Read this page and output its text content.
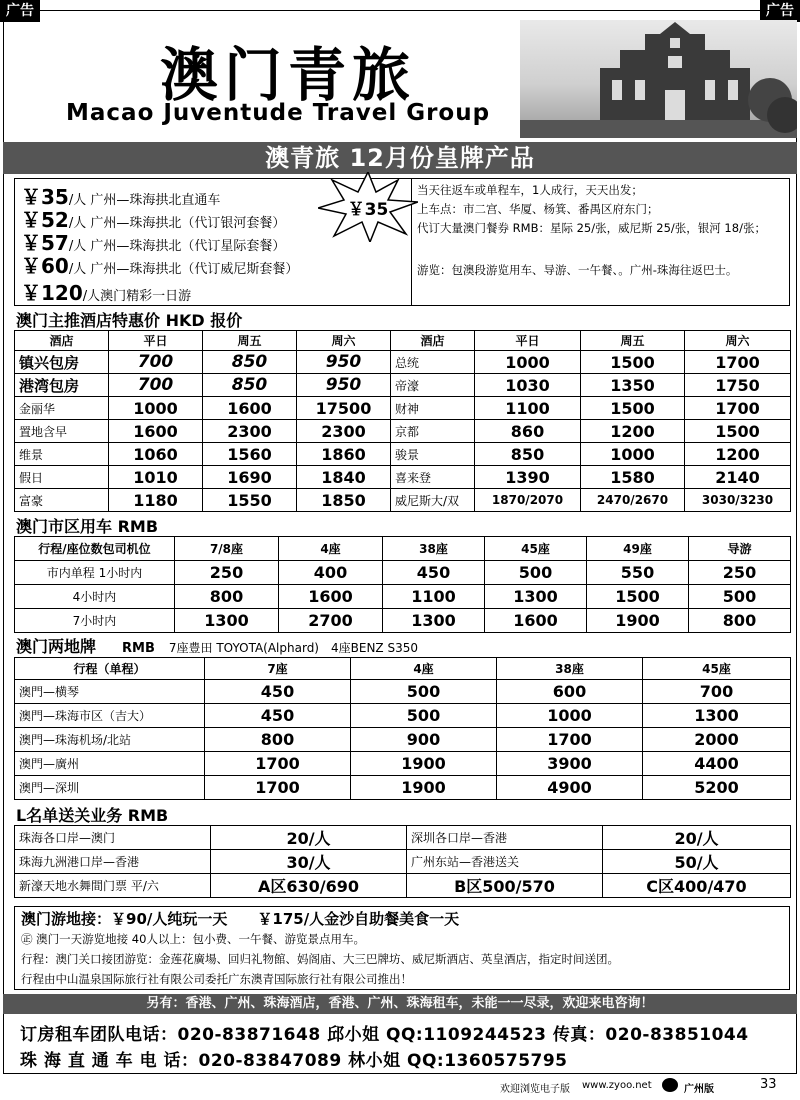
广告	广告
澳门青旅
Macao Juventude Travel Group
澳青旅 12月份皇牌产品
￥35/人 广州—珠海拱北直通车
￥52/人 广州—珠海拱北（代订银河套餐）
￥57/人 广州—珠海拱北（代订星际套餐）
￥60/人 广州—珠海拱北（代订威尼斯套餐）
￥120/人澳门精彩一日游
当天往返车或单程车，1人成行，天天出发；
上车点：市二宫、华厦、杨箕、番禺区府东门；
代订大量澳门餐券 RMB：星际 25/张，威尼斯 25/张，银河 18/张；
游览：包澳段游览用车、导游、一午餐、。广州-珠海往返巴士。
￥35
澳门主推酒店特惠价 HKD 报价
酒店	平日	周五	周六	酒店	平日	周五	周六
镇兴包房	700	850	950	总统	1000	1500	1700
港湾包房	700	850	950	帝濠	1030	1350	1750
金丽华	1000	1600	17500	财神	1100	1500	1700
置地含早	1600	2300	2300	京都	860	1200	1500
维景	1060	1560	1860	骏景	850	1000	1200
假日	1010	1690	1840	喜来登	1390	1580	2140
富豪	1180	1550	1850	威尼斯大/双	1870/2070	2470/2670	3030/3230
澳门市区用车 RMB
行程/座位数包司机位	7/8座	4座	38座	45座	49座	导游
市内单程 1小时内	250	400	450	500	550	250
4小时内	800	1600	1100	1300	1500	500
7小时内	1300	2700	1300	1600	1900	800
澳门两地牌 RMB 7座豊田 TOYOTA(Alphard)　4座BENZ S350
行程（单程）	7座	4座	38座	45座
澳門—横琴	450	500	600	700
澳門—珠海市区（吉大）	450	500	1000	1300
澳門—珠海机场/北站	800	900	1700	2000
澳門—廣州	1700	1900	3900	4400
澳門—深圳	1700	1900	4900	5200
L名单送关业务 RMB
珠海各口岸—澳门	20/人	深圳各口岸—香港	20/人
珠海九洲港口岸—香港	30/人	广州东站—香港送关	50/人
新濠天地水舞間门票 平/六	A区630/690	B区500/570	C区400/470
澳门游地接：￥90/人纯玩一天　　 ￥175/人金沙自助餐美食一天
㊣ 澳门一天游览地接 40人以上：包小费、一午餐、游览景点用车。
行程：澳门关口接团游览：金莲花廣場、回归礼物館、妈阁庙、大三巴牌坊、威尼斯酒店、英皇酒店，指定时间送团。
行程由中山温泉国际旅行社有限公司委托广东澳青国际旅行社有限公司推出！
另有：香港、广州、珠海酒店，香港、广州、珠海租车，未能一一尽录，欢迎来电咨询！
订房租车团队电话：020-83871648 邱小姐 QQ:1109244523 传真：020-83851044
珠 海 直 通 车 电 话：020-83847089 林小姐 QQ:1360575795
欢迎浏览电子版 www.zyoo.net	广州版	33
